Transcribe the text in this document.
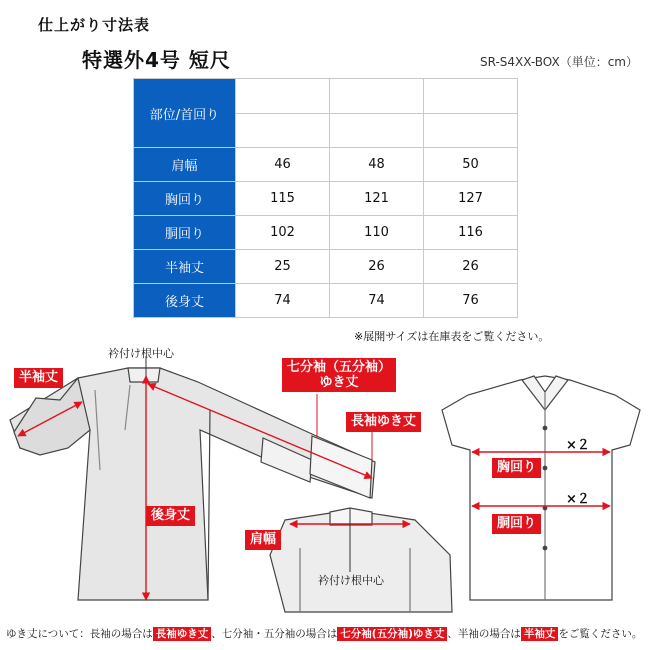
仕上がり寸法表
特選外4号 短尺	SR-S4XX-BOX（単位：cm）
部位/首回り	39	41	43
	M	L	2L
肩幅	46	48	50
胸回り	115	121	127
胴回り	102	110	116
半袖丈	25	26	26
後身丈	74	74	76
※展開サイズは在庫表をご覧ください。
衿付け根中心
半袖丈
七分袖（五分袖）
ゆき丈
長袖ゆき丈
後身丈
肩幅
衿付け根中心
×２
胸回り
×２
胴回り
ゆき丈について：長袖の場合は 長袖ゆき丈 、七分袖・五分袖の場合は 七分袖(五分袖)ゆき丈 、半袖の場合は 半袖丈 をご覧ください。
